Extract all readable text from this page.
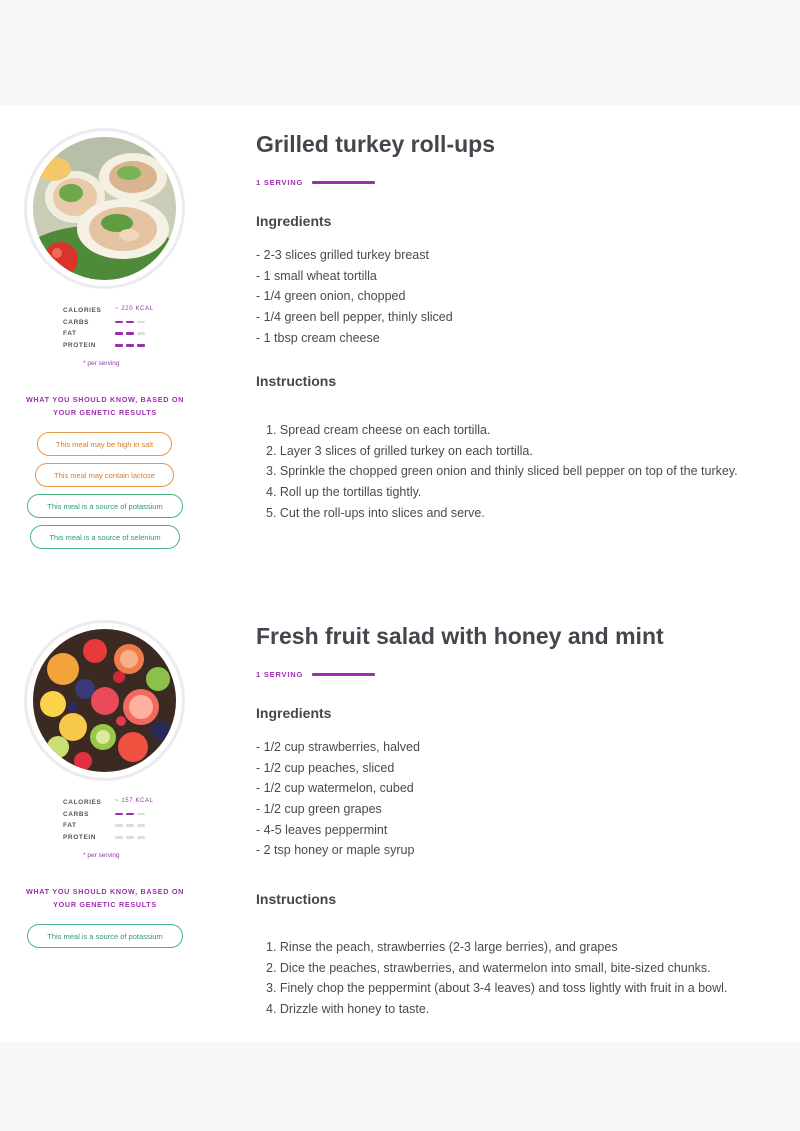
CALORIES ~ 220 KCAL
CARBS
FAT
PROTEIN
* per serving
WHAT YOU SHOULD KNOW, BASED ON YOUR GENETIC RESULTS
This meal may be high in salt
This meal may contain lactose
This meal is a source of potassium
This meal is a source of selenium
Grilled turkey roll-ups
1 SERVING
Ingredients
- 2-3 slices grilled turkey breast
- 1 small wheat tortilla
- 1/4 green onion, chopped
- 1/4 green bell pepper, thinly sliced
- 1 tbsp cream cheese
Instructions
1. Spread cream cheese on each tortilla.
2. Layer 3 slices of grilled turkey on each tortilla.
3. Sprinkle the chopped green onion and thinly sliced bell pepper on top of the turkey.
4. Roll up the tortillas tightly.
5. Cut the roll-ups into slices and serve.
CALORIES ~ 157 KCAL
CARBS
FAT
PROTEIN
* per serving
WHAT YOU SHOULD KNOW, BASED ON YOUR GENETIC RESULTS
This meal is a source of potassium
Fresh fruit salad with honey and mint
1 SERVING
Ingredients
- 1/2 cup strawberries, halved
- 1/2 cup peaches, sliced
- 1/2 cup watermelon, cubed
- 1/2 cup green grapes
- 4-5 leaves peppermint
- 2 tsp honey or maple syrup
Instructions
1. Rinse the peach, strawberries (2-3 large berries), and grapes
2. Dice the peaches, strawberries, and watermelon into small, bite-sized chunks.
3. Finely chop the peppermint (about 3-4 leaves) and toss lightly with fruit in a bowl.
4. Drizzle with honey to taste.
